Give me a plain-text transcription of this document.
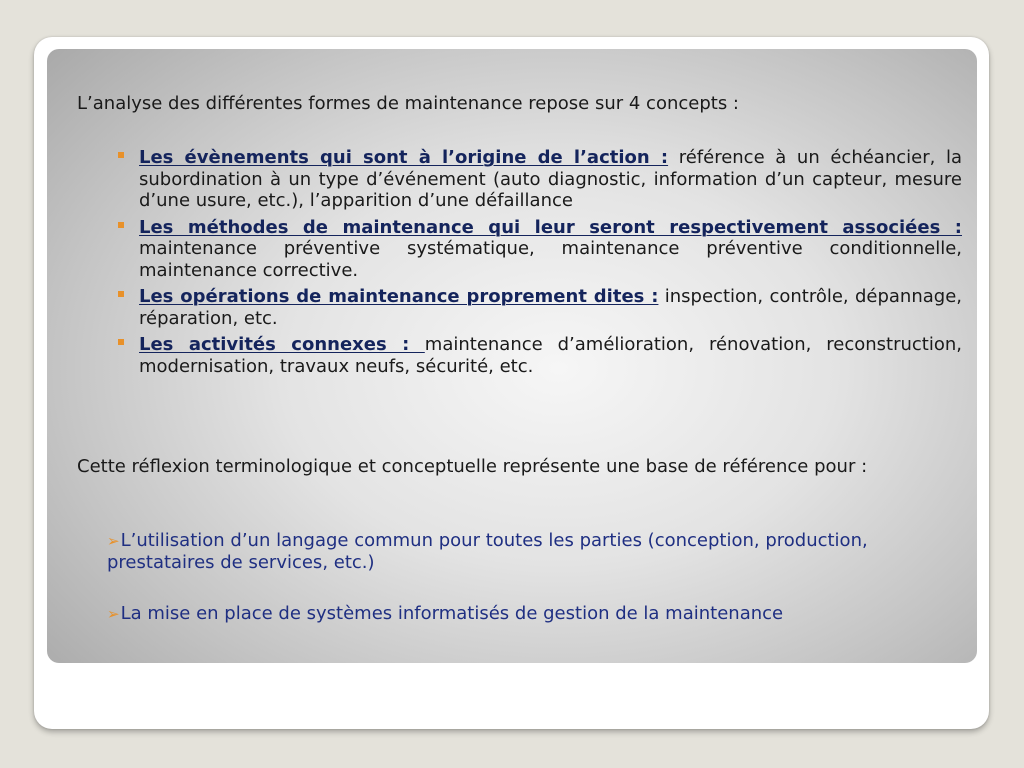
L’analyse des différentes formes de maintenance repose sur 4 concepts :

Les évènements qui sont à l’origine de l’action : référence à un échéancier, la subordination à un type d’événement (auto diagnostic, information d’un capteur, mesure d’une usure, etc.), l’apparition d’une défaillance
Les méthodes de maintenance qui leur seront respectivement associées : maintenance préventive systématique, maintenance préventive conditionnelle, maintenance corrective.
Les opérations de maintenance proprement dites : inspection, contrôle, dépannage, réparation, etc.
Les activités connexes : maintenance d’amélioration, rénovation, reconstruction, modernisation, travaux neufs, sécurité, etc.

Cette réflexion terminologique et conceptuelle représente une base de référence pour :

➢L’utilisation d’un langage commun pour toutes les parties (conception, production, prestataires de services, etc.)
➢La mise en place de systèmes informatisés de gestion de la maintenance
